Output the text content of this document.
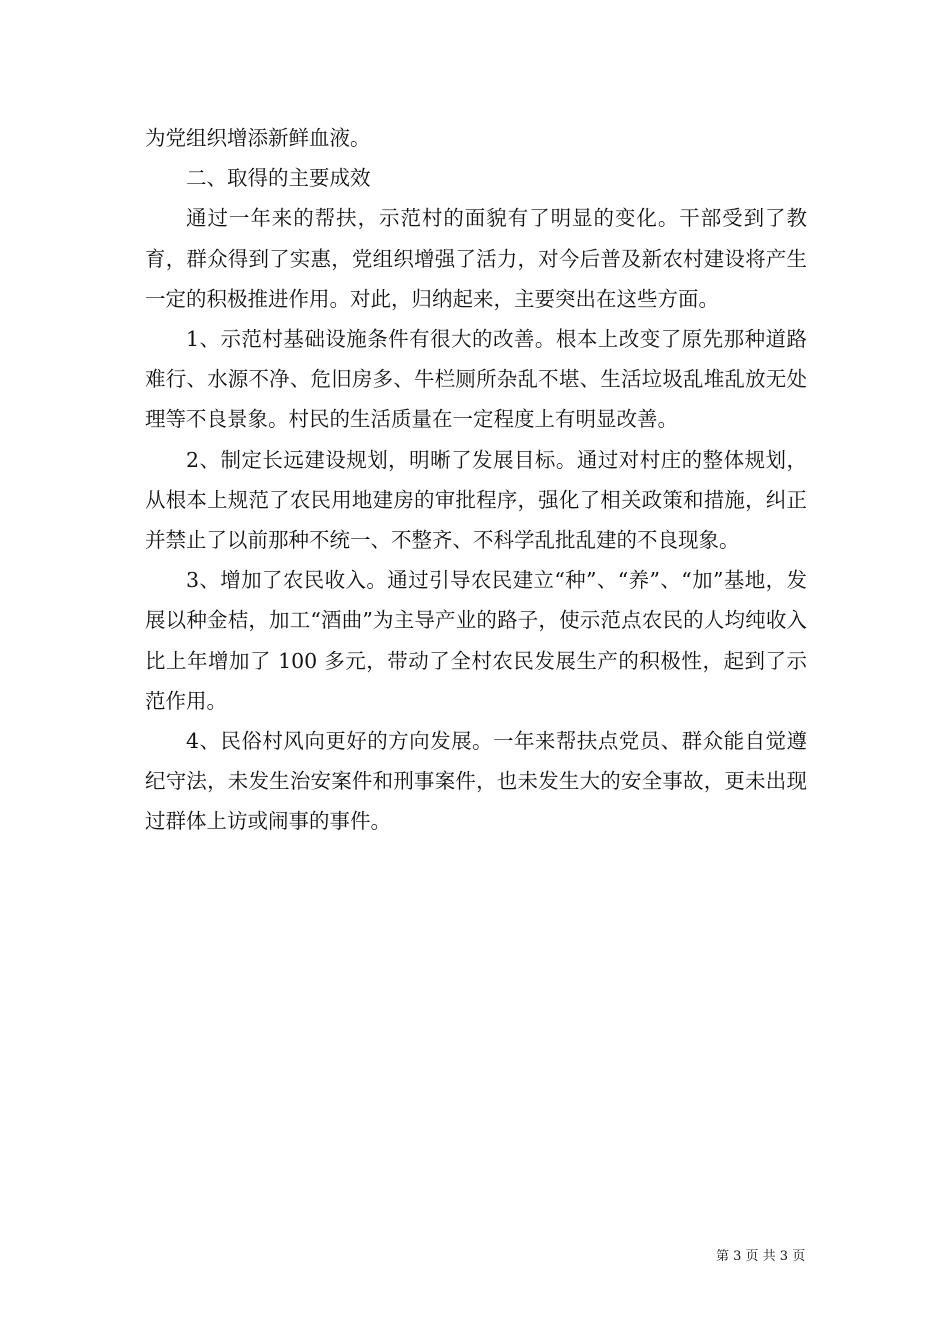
为党组织增添新鲜血液。

二、取得的主要成效

通过一年来的帮扶，示范村的面貌有了明显的变化。干部受到了教育，群众得到了实惠，党组织增强了活力，对今后普及新农村建设将产生一定的积极推进作用。对此，归纳起来，主要突出在这些方面。

1、示范村基础设施条件有很大的改善。根本上改变了原先那种道路难行、水源不净、危旧房多、牛栏厕所杂乱不堪、生活垃圾乱堆乱放无处理等不良景象。村民的生活质量在一定程度上有明显改善。

2、制定长远建设规划，明晰了发展目标。通过对村庄的整体规划，从根本上规范了农民用地建房的审批程序，强化了相关政策和措施，纠正并禁止了以前那种不统一、不整齐、不科学乱批乱建的不良现象。

3、增加了农民收入。通过引导农民建立“种”、“养”、“加”基地，发展以种金桔，加工“酒曲”为主导产业的路子，使示范点农民的人均纯收入比上年增加了 100 多元，带动了全村农民发展生产的积极性，起到了示范作用。

4、民俗村风向更好的方向发展。一年来帮扶点党员、群众能自觉遵纪守法，未发生治安案件和刑事案件，也未发生大的安全事故，更未出现过群体上访或闹事的事件。

第 3 页 共 3 页
